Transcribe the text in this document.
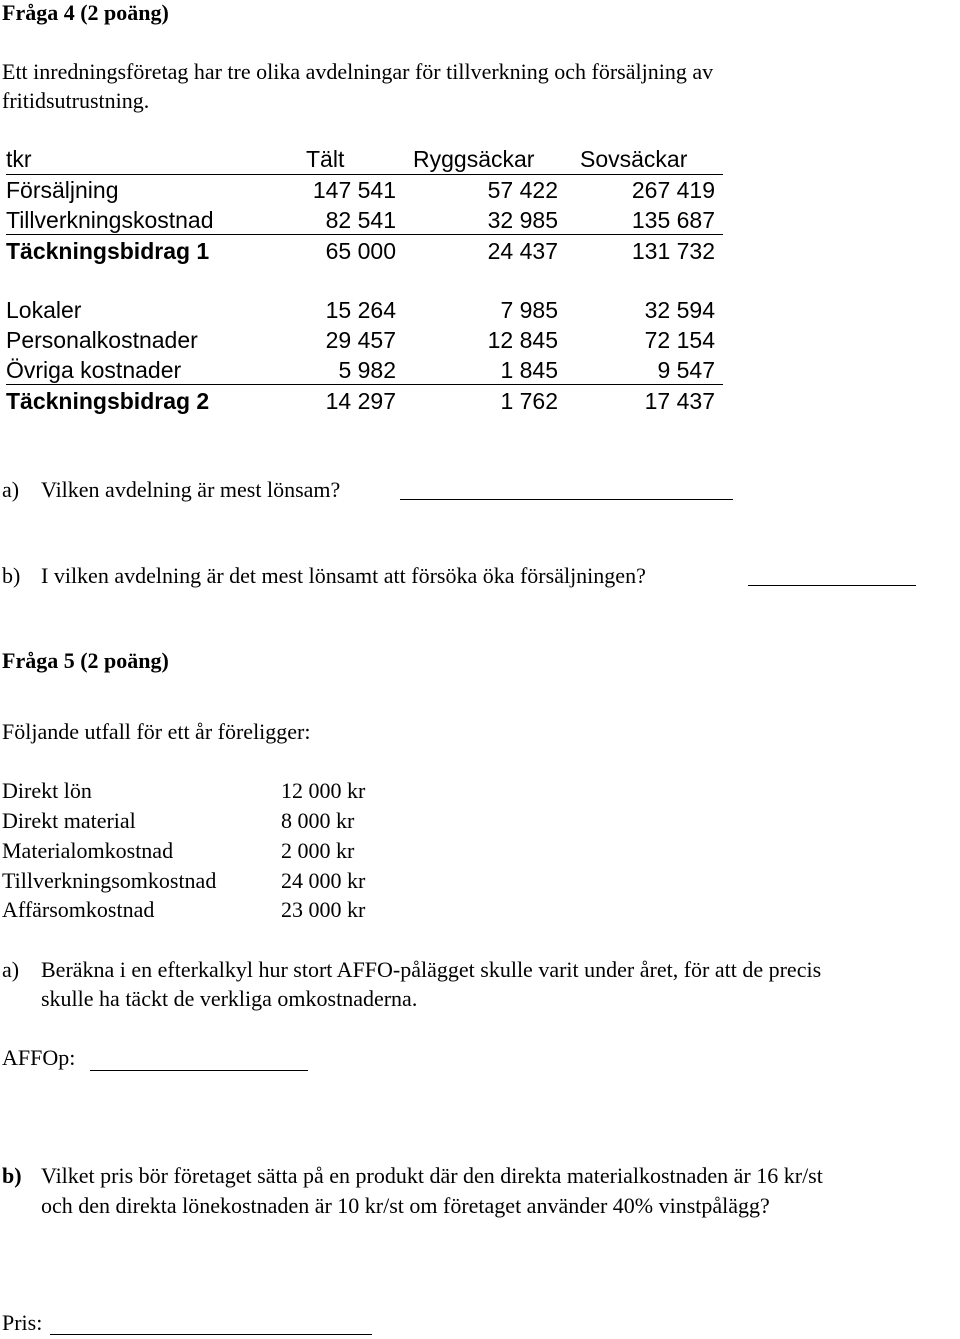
Fråga 4 (2 poäng)
Ett inredningsföretag har tre olika avdelningar för tillverkning och försäljning av
fritidsutrustning.
tkr	Tält	Ryggsäckar Sovsäckar
Försäljning	147 541	57 422	267 419
Tillverkningskostnad	82 541	32 985	135 687
Täckningsbidrag 1	65 000	24 437	131 732
Lokaler	15 264	7 985	32 594
Personalkostnader	29 457	12 845	72 154
Övriga kostnader	5 982	1 845	9 547
Täckningsbidrag 2	14 297	1 762	17 437
a) Vilken avdelning är mest lönsam?
b) I vilken avdelning är det mest lönsamt att försöka öka försäljningen?
Fråga 5 (2 poäng)
Följande utfall för ett år föreligger:
Direkt lön	12 000 kr
Direkt material	8 000 kr
Materialomkostnad	2 000 kr
Tillverkningsomkostnad	24 000 kr
Affärsomkostnad	23 000 kr
a) Beräkna i en efterkalkyl hur stort AFFO-pålägget skulle varit under året, för att de precis
skulle ha täckt de verkliga omkostnaderna.
AFFOp:
b) Vilket pris bör företaget sätta på en produkt där den direkta materialkostnaden är 16 kr/st
och den direkta lönekostnaden är 10 kr/st om företaget använder 40% vinstpålägg?
Pris:
